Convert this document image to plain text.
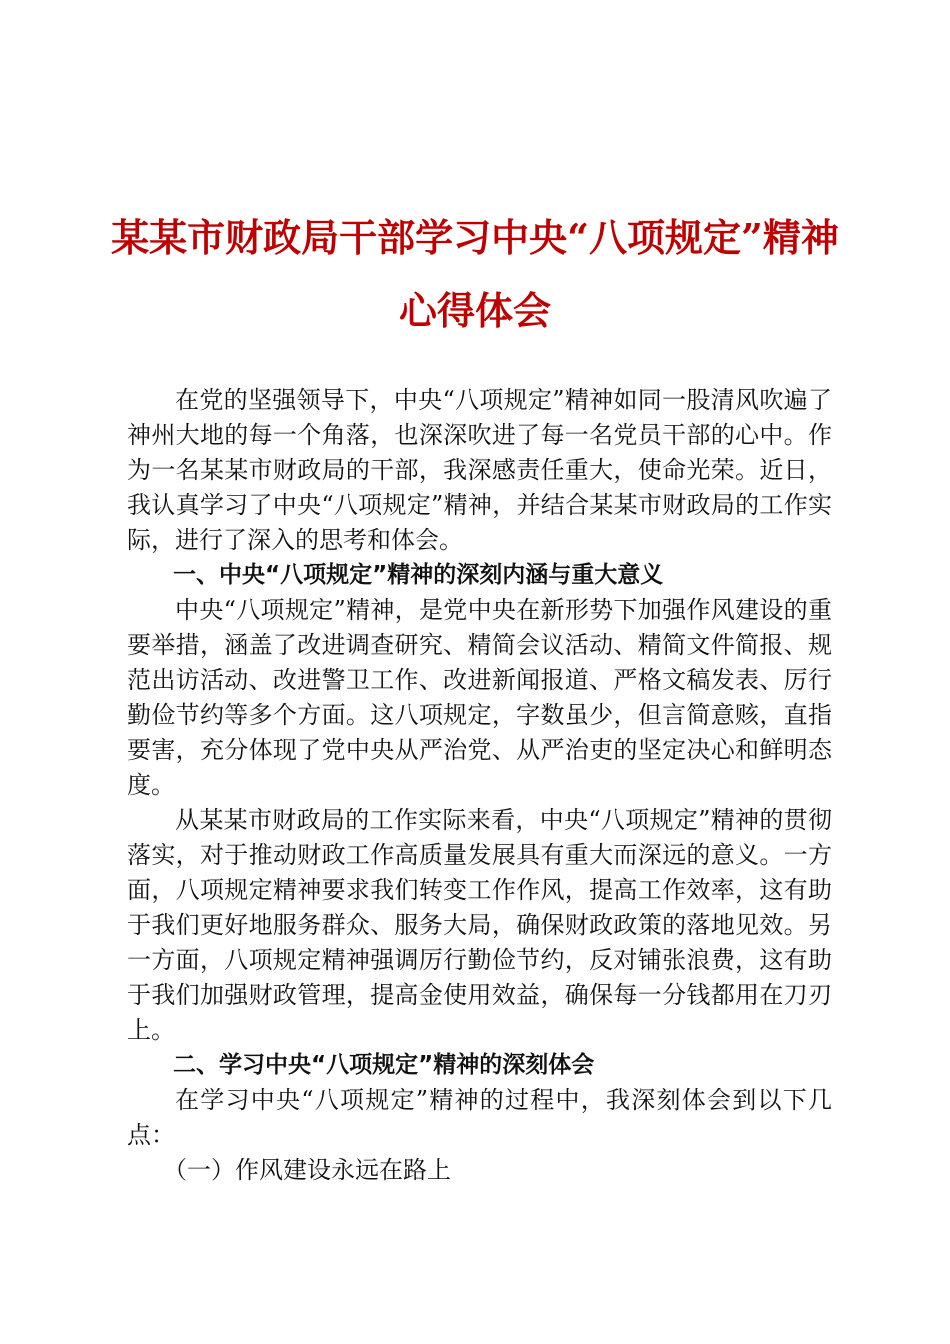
某某市财政局干部学习中央“八项规定”精神
心得体会

在党的坚强领导下，中央“八项规定”精神如同一股清风吹遍了神州大地的每一个角落，也深深吹进了每一名党员干部的心中。作为一名某某市财政局的干部，我深感责任重大，使命光荣。近日，我认真学习了中央“八项规定”精神，并结合某某市财政局的工作实际，进行了深入的思考和体会。

一、中央“八项规定”精神的深刻内涵与重大意义

中央“八项规定”精神，是党中央在新形势下加强作风建设的重要举措，涵盖了改进调查研究、精简会议活动、精简文件简报、规范出访活动、改进警卫工作、改进新闻报道、严格文稿发表、厉行勤俭节约等多个方面。这八项规定，字数虽少，但言简意赅，直指要害，充分体现了党中央从严治党、从严治吏的坚定决心和鲜明态度。

从某某市财政局的工作实际来看，中央“八项规定”精神的贯彻落实，对于推动财政工作高质量发展具有重大而深远的意义。一方面，八项规定精神要求我们转变工作作风，提高工作效率，这有助于我们更好地服务群众、服务大局，确保财政政策的落地见效。另一方面，八项规定精神强调厉行勤俭节约，反对铺张浪费，这有助于我们加强财政管理，提高金使用效益，确保每一分钱都用在刀刃上。

二、学习中央“八项规定”精神的深刻体会

在学习中央“八项规定”精神的过程中，我深刻体会到以下几点：

（一）作风建设永远在路上
